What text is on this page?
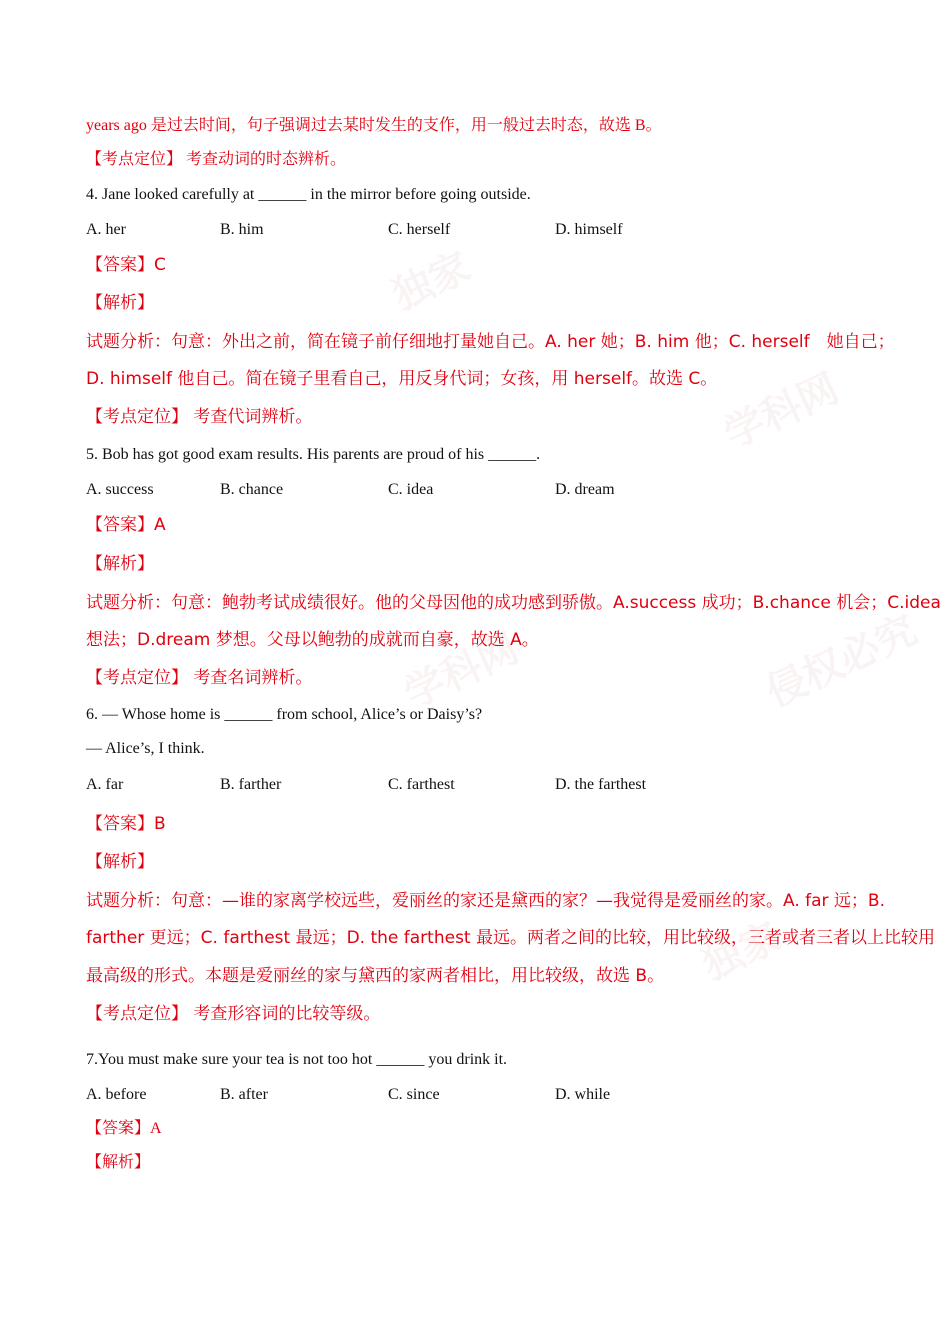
独家
学科网
侵权必究
学科网
独家
years ago 是过去时间，句子强调过去某时发生的支作，用一般过去时态，故选 B。
【考点定位】 考查动词的时态辨析。
4. Jane looked carefully at ______ in the mirror before going outside.
A. her	B. him	C. herself	D. himself
【答案】C
【解析】
试题分析：句意：外出之前，简在镜子前仔细地打量她自己。A. her 她；B. him 他；C. herself　她自己；
D. himself 他自己。简在镜子里看自己，用反身代词；女孩，用 herself。故选 C。
【考点定位】 考查代词辨析。
5. Bob has got good exam results. His parents are proud of his ______.
A. success	B. chance	C. idea	D. dream
【答案】A
【解析】
试题分析：句意：鲍勃考试成绩很好。他的父母因他的成功感到骄傲。A.success 成功；B.chance 机会；C.idea
想法；D.dream 梦想。父母以鲍勃的成就而自豪，故选 A。
【考点定位】 考查名词辨析。
6. — Whose home is ______ from school, Alice’s or Daisy’s?
— Alice’s, I think.
A. far	B. farther	C. farthest	D. the farthest
【答案】B
【解析】
试题分析：句意：—谁的家离学校远些，爱丽丝的家还是黛西的家？—我觉得是爱丽丝的家。A. far 远；B.
farther 更远；C. farthest 最远；D. the farthest 最远。两者之间的比较，用比较级，三者或者三者以上比较用
最高级的形式。本题是爱丽丝的家与黛西的家两者相比，用比较级，故选 B。
【考点定位】 考查形容词的比较等级。
7.You must make sure your tea is not too hot ______ you drink it.
A. before	B. after	C. since	D. while
【答案】A
【解析】
